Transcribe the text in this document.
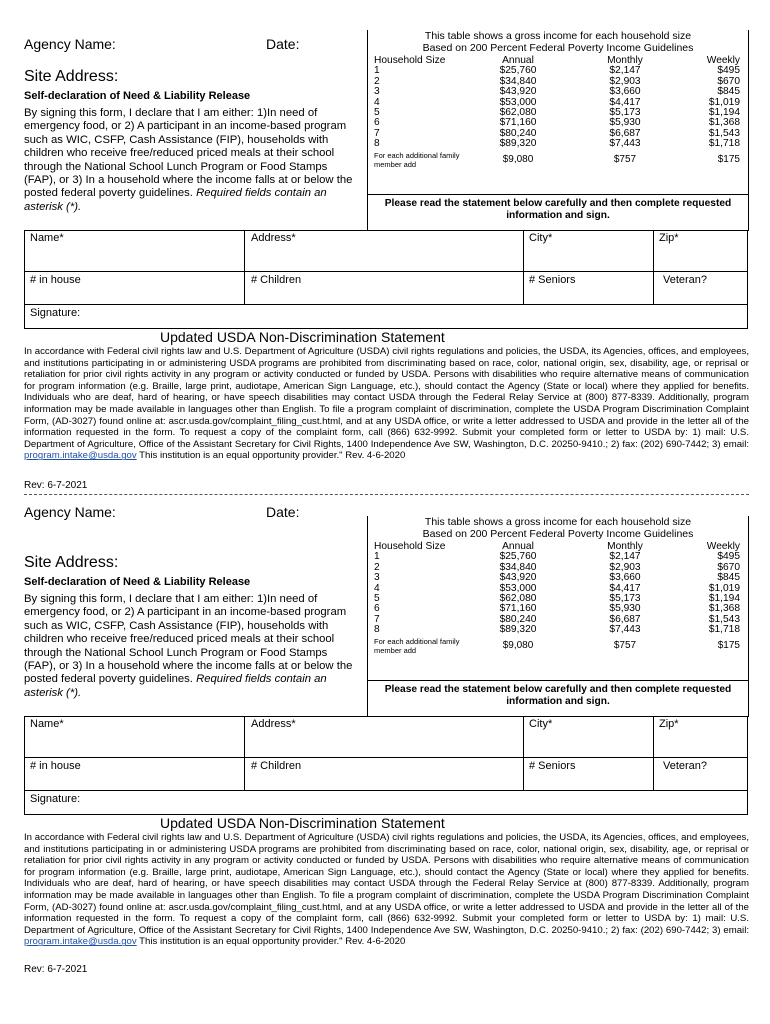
Agency Name:	Date:
Site Address:
Self-declaration of Need & Liability Release
By signing this form, I declare that I am either: 1)In need of emergency food, or 2) A participant in an income-based program such as WIC, CSFP, Cash Assistance (FIP), households with children who receive free/reduced priced meals at their school through the National School Lunch Program or Food Stamps (FAP), or 3) In a household where the income falls at or below the posted federal poverty guidelines. Required fields contain an asterisk (*).
This table shows a gross income for each household size
Based on 200 Percent Federal Poverty Income Guidelines
Household Size	Annual	Monthly	Weekly
1	$25,760	$2,147	$495
2	$34,840	$2,903	$670
3	$43,920	$3,660	$845
4	$53,000	$4,417	$1,019
5	$62,080	$5,173	$1,194
6	$71,160	$5,930	$1,368
7	$80,240	$6,687	$1,543
8	$89,320	$7,443	$1,718
For each additional family member add	$9,080	$757	$175
Please read the statement below carefully and then complete requested information and sign.
Name*	Address*	City*	Zip*
# in house	# Children	# Seniors	Veteran?
Signature:
Updated USDA Non-Discrimination Statement
In accordance with Federal civil rights law and U.S. Department of Agriculture (USDA) civil rights regulations and policies, the USDA, its Agencies, offices, and employees, and institutions participating in or administering USDA programs are prohibited from discriminating based on race, color, national origin, sex, disability, age, or reprisal or retaliation for prior civil rights activity in any program or activity conducted or funded by USDA. Persons with disabilities who require alternative means of communication for program information (e.g. Braille, large print, audiotape, American Sign Language, etc.), should contact the Agency (State or local) where they applied for benefits. Individuals who are deaf, hard of hearing, or have speech disabilities may contact USDA through the Federal Relay Service at (800) 877-8339. Additionally, program information may be made available in languages other than English. To file a program complaint of discrimination, complete the USDA Program Discrimination Complaint Form, (AD-3027) found online at: ascr.usda.gov/complaint_filing_cust.html, and at any USDA office, or write a letter addressed to USDA and provide in the letter all of the information requested in the form. To request a copy of the complaint form, call (866) 632-9992. Submit your completed form or letter to USDA by: 1) mail: U.S. Department of Agriculture, Office of the Assistant Secretary for Civil Rights, 1400 Independence Ave SW, Washington, D.C. 20250-9410.; 2) fax: (202) 690-7442; 3) email: program.intake@usda.gov This institution is an equal opportunity provider." Rev. 4-6-2020
Rev: 6-7-2021
Agency Name:	Date:
Site Address:
Self-declaration of Need & Liability Release
By signing this form, I declare that I am either: 1)In need of emergency food, or 2) A participant in an income-based program such as WIC, CSFP, Cash Assistance (FIP), households with children who receive free/reduced priced meals at their school through the National School Lunch Program or Food Stamps (FAP), or 3) In a household where the income falls at or below the posted federal poverty guidelines. Required fields contain an asterisk (*).
This table shows a gross income for each household size
Based on 200 Percent Federal Poverty Income Guidelines
Household Size	Annual	Monthly	Weekly
1	$25,760	$2,147	$495
2	$34,840	$2,903	$670
3	$43,920	$3,660	$845
4	$53,000	$4,417	$1,019
5	$62,080	$5,173	$1,194
6	$71,160	$5,930	$1,368
7	$80,240	$6,687	$1,543
8	$89,320	$7,443	$1,718
For each additional family member add	$9,080	$757	$175
Please read the statement below carefully and then complete requested information and sign.
Name*	Address*	City*	Zip*
# in house	# Children	# Seniors	Veteran?
Signature:
Updated USDA Non-Discrimination Statement
In accordance with Federal civil rights law and U.S. Department of Agriculture (USDA) civil rights regulations and policies, the USDA, its Agencies, offices, and employees, and institutions participating in or administering USDA programs are prohibited from discriminating based on race, color, national origin, sex, disability, age, or reprisal or retaliation for prior civil rights activity in any program or activity conducted or funded by USDA. Persons with disabilities who require alternative means of communication for program information (e.g. Braille, large print, audiotape, American Sign Language, etc.), should contact the Agency (State or local) where they applied for benefits. Individuals who are deaf, hard of hearing, or have speech disabilities may contact USDA through the Federal Relay Service at (800) 877-8339. Additionally, program information may be made available in languages other than English. To file a program complaint of discrimination, complete the USDA Program Discrimination Complaint Form, (AD-3027) found online at: ascr.usda.gov/complaint_filing_cust.html, and at any USDA office, or write a letter addressed to USDA and provide in the letter all of the information requested in the form. To request a copy of the complaint form, call (866) 632-9992. Submit your completed form or letter to USDA by: 1) mail: U.S. Department of Agriculture, Office of the Assistant Secretary for Civil Rights, 1400 Independence Ave SW, Washington, D.C. 20250-9410.; 2) fax: (202) 690-7442; 3) email: program.intake@usda.gov This institution is an equal opportunity provider." Rev. 4-6-2020
Rev: 6-7-2021
